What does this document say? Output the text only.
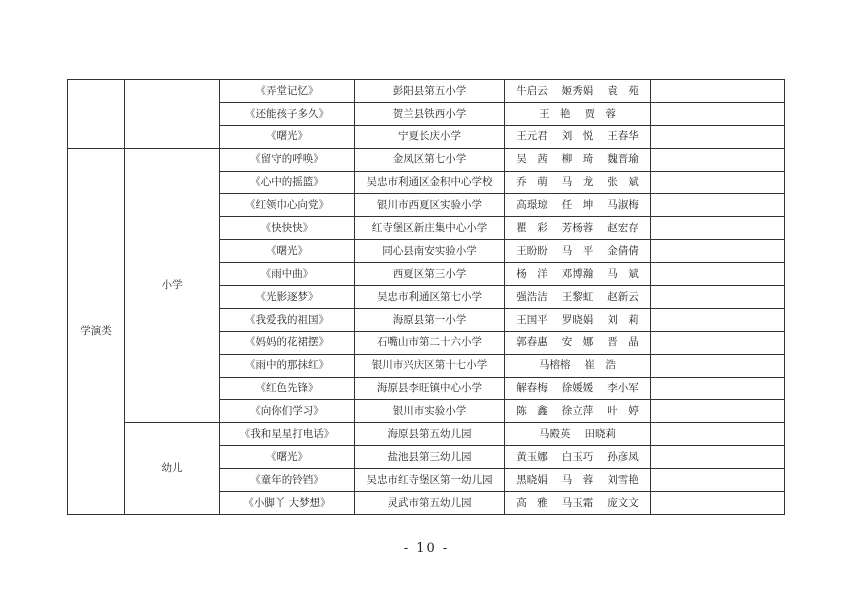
		《弄堂记忆》	彭阳县第五小学	牛启云 姬秀娟 袁　苑	

		《还能孩子多久》	贺兰县铁西小学	王　艳 贾　蓉	

		《曙光》	宁夏长庆小学	王元君 刘　悦 王春华	

学演类	小学	《留守的呼唤》	金凤区第七小学	吴　茜 柳　琦 魏晋瑜	

		《心中的摇篮》	吴忠市利通区金积中心学校	乔　萌 马　龙 张　斌	

		《红领巾心向党》	银川市西夏区实验小学	高璟琼 任　坤 马淑梅	

		《快快快》	红寺堡区新庄集中心小学	瞿　彩 芳杨蓉 赵宏存	

		《曙光》	同心县南安实验小学	王盼盼 马　平 金倩倩	

		《雨中曲》	西夏区第三小学	杨　洋 邓博瀚 马　斌	

		《光影逐梦》	吴忠市利通区第七小学	强浩洁 王黎虹 赵新云	

		《我爱我的祖国》	海原县第一小学	王国平 罗晓娟 刘　莉	

		《妈妈的花裙摆》	石嘴山市第二十六小学	郭春惠 安　娜 晋　晶	

		《雨中的那抹红》	银川市兴庆区第十七小学	马榕榕 崔　浩	

		《红色先锋》	海原县李旺镇中心小学	解春梅 徐媛媛 李小军	

		《向你们学习》	银川市实验小学	陈　鑫 徐立萍 叶　婷	

	幼儿	《我和星星打电话》	海原县第五幼儿园	马殿英 田晓莉	

		《曙光》	盐池县第三幼儿园	黄玉娜 白玉巧 孙彦凤	

		《童年的铃铛》	吴忠市红寺堡区第一幼儿园	黑晓娟 马　蓉 刘雪艳	

		《小脚丫 大梦想》	灵武市第五幼儿园	高　雅 马玉霜 庞文文	

- 10 -
